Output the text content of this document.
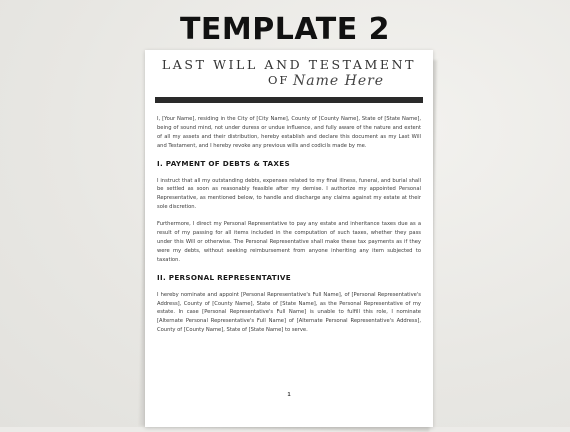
TEMPLATE 2
LAST WILL AND TESTAMENT
OF Name Here

I, [Your Name], residing in the City of [City Name], County of [County Name], State of [State Name], being of sound mind, not under duress or undue influence, and fully aware of the nature and extent of all my assets and their distribution, hereby establish and declare this document as my Last Will and Testament, and I hereby revoke any previous wills and codicils made by me.

I. PAYMENT OF DEBTS & TAXES

I instruct that all my outstanding debts, expenses related to my final illness, funeral, and burial shall be settled as soon as reasonably feasible after my demise. I authorize my appointed Personal Representative, as mentioned below, to handle and discharge any claims against my estate at their sole discretion.

Furthermore, I direct my Personal Representative to pay any estate and inheritance taxes due as a result of my passing for all items included in the computation of such taxes, whether they pass under this Will or otherwise. The Personal Representative shall make these tax payments as if they were my debts, without seeking reimbursement from anyone inheriting any item subjected to taxation.

II. PERSONAL REPRESENTATIVE

I hereby nominate and appoint [Personal Representative's Full Name], of [Personal Representative's Address], County of [County Name], State of [State Name], as the Personal Representative of my estate. In case [Personal Representative's Full Name] is unable to fulfill this role, I nominate [Alternate Personal Representative's Full Name] of [Alternate Personal Representative's Address], County of [County Name], State of [State Name] to serve.

1
